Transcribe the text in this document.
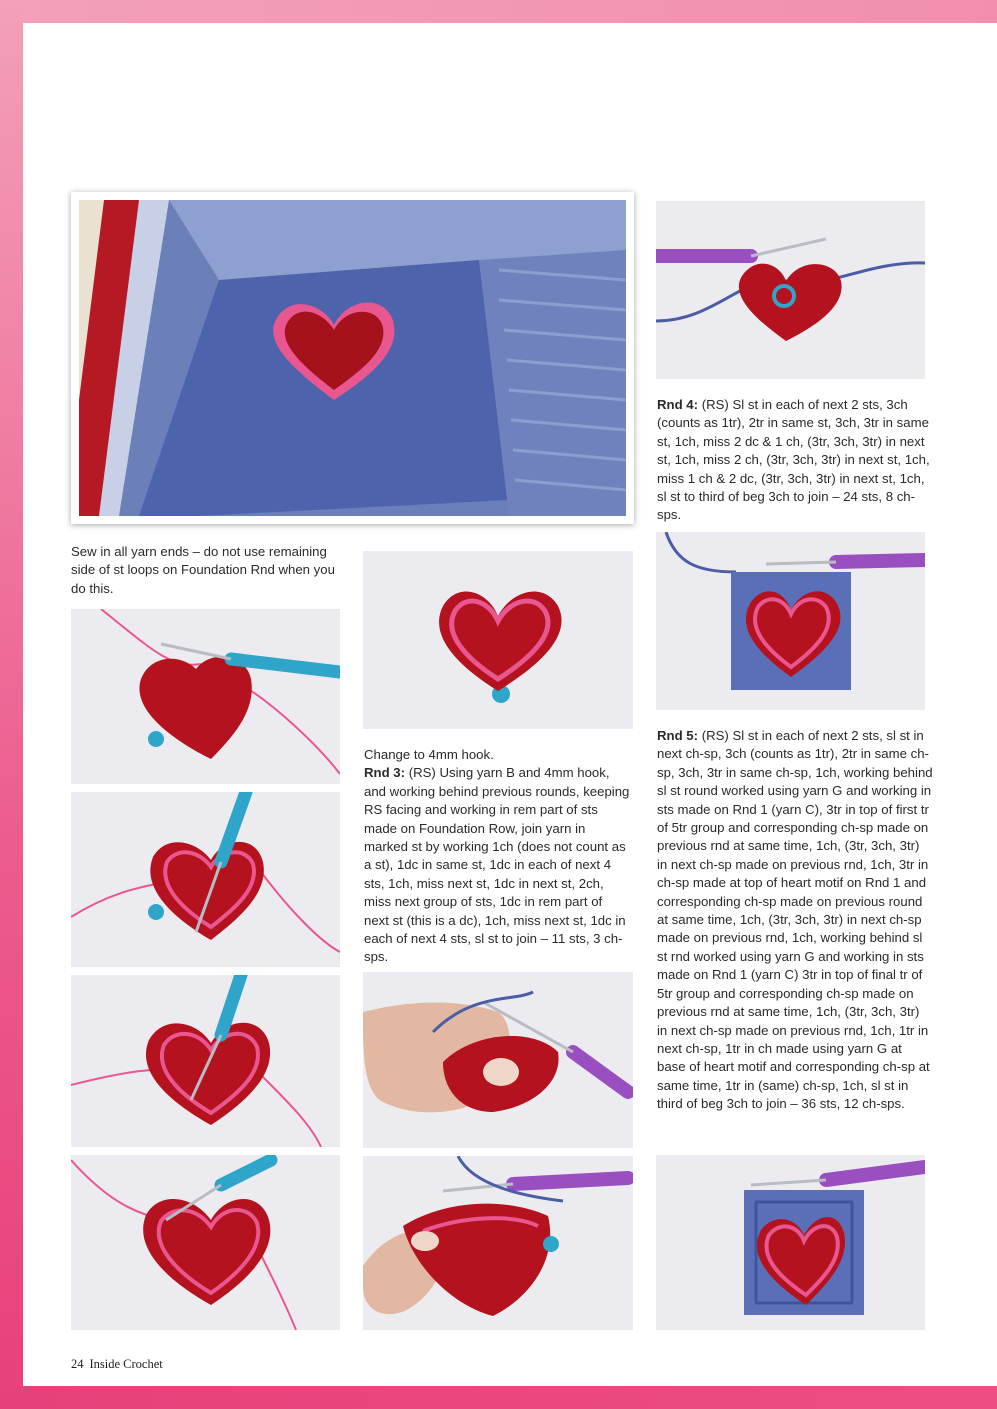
Rnd 4: (RS) Sl st in each of next 2 sts, 3ch (counts as 1tr), 2tr in same st, 3ch, 3tr in same st, 1ch, miss 2 dc & 1 ch, (3tr, 3ch, 3tr) in next st, 1ch, miss 2 ch, (3tr, 3ch, 3tr) in next st, 1ch, miss 1 ch & 2 dc, (3tr, 3ch, 3tr) in next st, 1ch, sl st to third of beg 3ch to join – 24 sts, 8 ch-sps.
Sew in all yarn ends – do not use remaining side of st loops on Foundation Rnd when you do this.
Change to 4mm hook.
Rnd 3: (RS) Using yarn B and 4mm hook, and working behind previous rounds, keeping RS facing and working in rem part of sts made on Foundation Row, join yarn in marked st by working 1ch (does not count as a st), 1dc in same st, 1dc in each of next 4 sts, 1ch, miss next st, 1dc in next st, 2ch, miss next group of sts, 1dc in rem part of next st (this is a dc), 1ch, miss next st, 1dc in each of next 4 sts, sl st to join – 11 sts, 3 ch-sps.
Rnd 5: (RS) Sl st in each of next 2 sts, sl st in next ch-sp, 3ch (counts as 1tr), 2tr in same ch-sp, 3ch, 3tr in same ch-sp, 1ch, working behind sl st round worked using yarn G and working in sts made on Rnd 1 (yarn C), 3tr in top of first tr of 5tr group and corresponding ch-sp made on previous rnd at same time, 1ch, (3tr, 3ch, 3tr) in next ch-sp made on previous rnd, 1ch, 3tr in ch-sp made at top of heart motif on Rnd 1 and corresponding ch-sp made on previous round at same time, 1ch, (3tr, 3ch, 3tr) in next ch-sp made on previous rnd, 1ch, working behind sl st rnd worked using yarn G and working in sts made on Rnd 1 (yarn C) 3tr in top of final tr of 5tr group and corresponding ch-sp made on previous rnd at same time, 1ch, (3tr, 3ch, 3tr) in next ch-sp made on previous rnd, 1ch, 1tr in next ch-sp, 1tr in ch made using yarn G at base of heart motif and corresponding ch-sp at same time, 1tr in (same) ch-sp, 1ch, sl st in third of beg 3ch to join – 36 sts, 12 ch-sps.
24 Inside Crochet
